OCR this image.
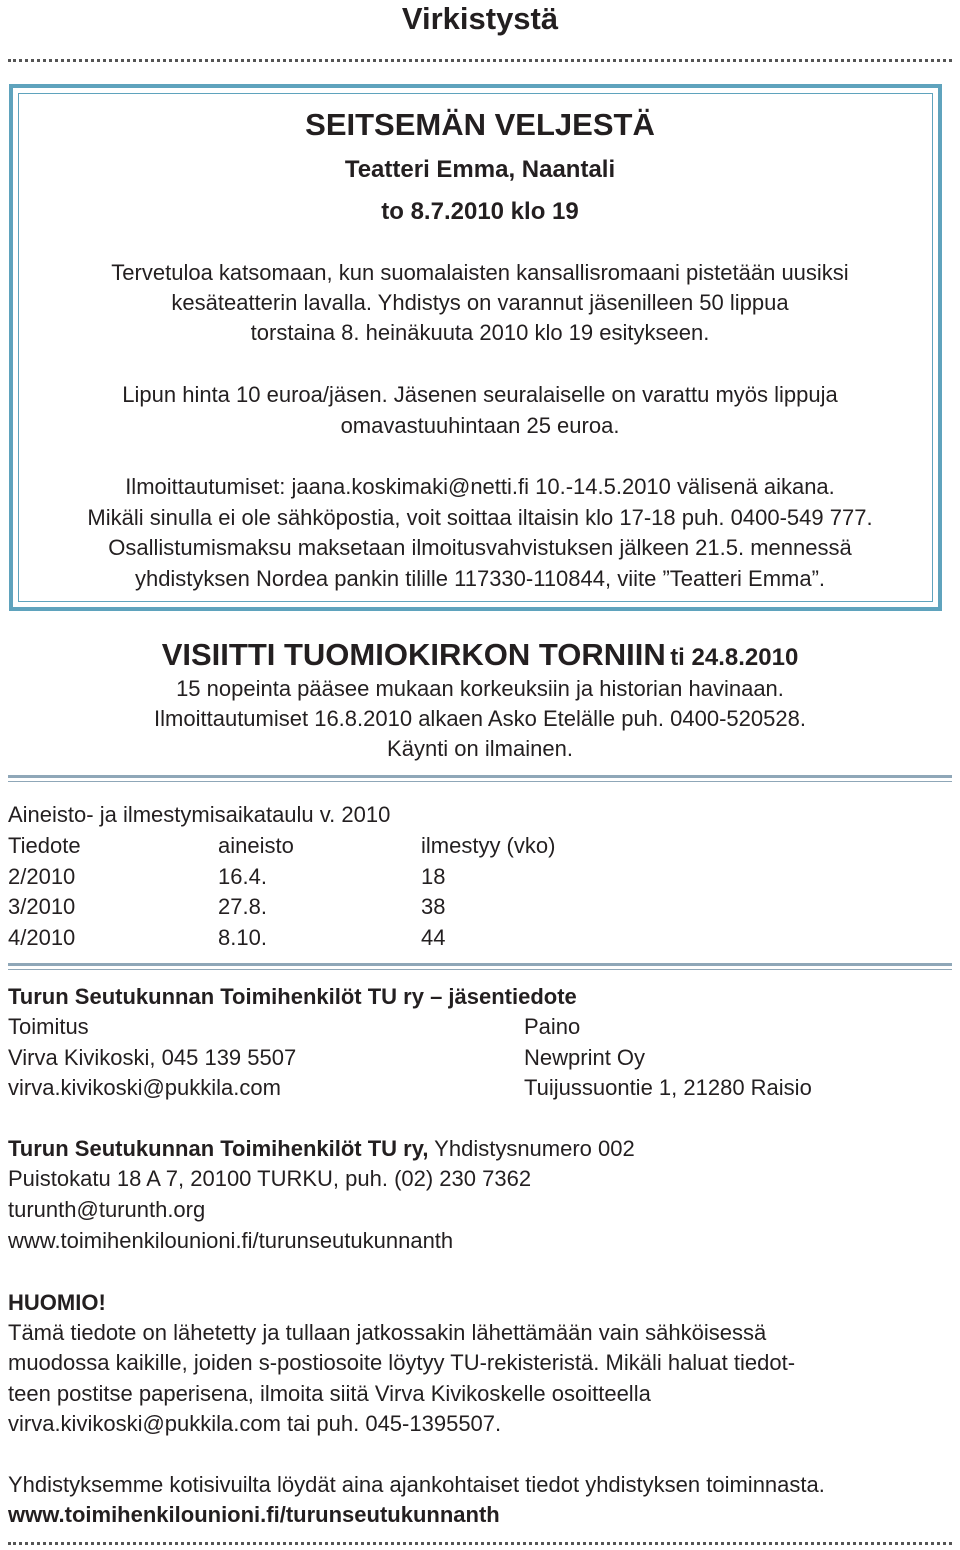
Virkistystä
SEITSEMÄN VELJESTÄ
Teatteri Emma, Naantali
to 8.7.2010 klo 19
Tervetuloa katsomaan, kun suomalaisten kansallisromaani pistetään uusiksi
kesäteatterin lavalla. Yhdistys on varannut jäsenilleen 50 lippua
torstaina 8. heinäkuuta 2010 klo 19 esitykseen.
Lipun hinta 10 euroa/jäsen. Jäsenen seuralaiselle on varattu myös lippuja
omavastuuhintaan 25 euroa.
Ilmoittautumiset: jaana.koskimaki@netti.fi 10.-14.5.2010 välisenä aikana.
Mikäli sinulla ei ole sähköpostia, voit soittaa iltaisin klo 17-18 puh. 0400-549 777.
Osallistumismaksu maksetaan ilmoitusvahvistuksen jälkeen 21.5. mennessä
yhdistyksen Nordea pankin tilille 117330-110844, viite ”Teatteri Emma”.
VISIITTI TUOMIOKIRKON TORNIIN ti 24.8.2010
15 nopeinta pääsee mukaan korkeuksiin ja historian havinaan.
Ilmoittautumiset 16.8.2010 alkaen Asko Etelälle puh. 0400-520528.
Käynti on ilmainen.
Aineisto- ja ilmestymisaikataulu v. 2010
Tiedote	aineisto	ilmestyy (vko)
2/2010	16.4.	18
3/2010	27.8.	38
4/2010	8.10.	44
Turun Seutukunnan Toimihenkilöt TU ry – jäsentiedote
Toimitus	Paino
Virva Kivikoski, 045 139 5507	Newprint Oy
virva.kivikoski@pukkila.com	Tuijussuontie 1, 21280 Raisio
Turun Seutukunnan Toimihenkilöt TU ry, Yhdistysnumero 002
Puistokatu 18 A 7, 20100 TURKU, puh. (02) 230 7362
turunth@turunth.org
www.toimihenkilounioni.fi/turunseutukunnanth
HUOMIO!
Tämä tiedote on lähetetty ja tullaan jatkossakin lähettämään vain sähköisessä
muodossa kaikille, joiden s-postiosoite löytyy TU-rekisteristä. Mikäli haluat tiedot-
teen postitse paperisena, ilmoita siitä Virva Kivikoskelle osoitteella
virva.kivikoski@pukkila.com tai puh. 045-1395507.
Yhdistyksemme kotisivuilta löydät aina ajankohtaiset tiedot yhdistyksen toiminnasta.
www.toimihenkilounioni.fi/turunseutukunnanth
